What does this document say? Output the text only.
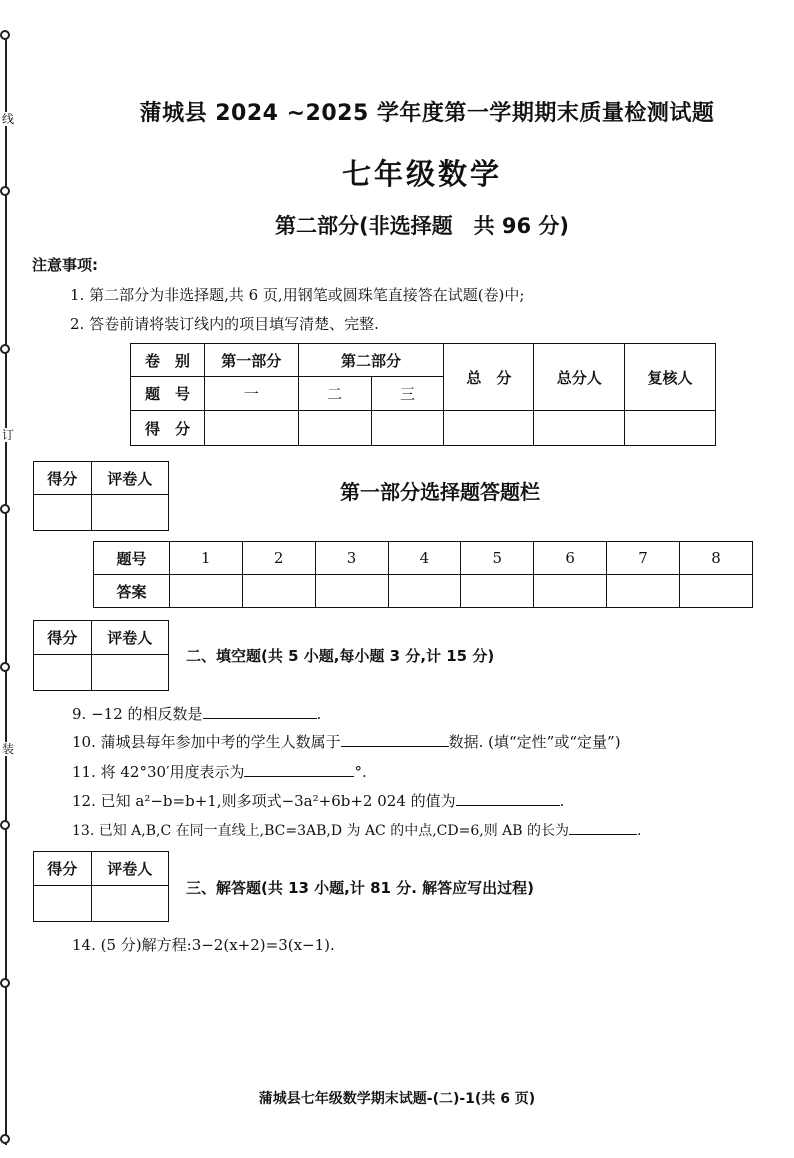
线
订
装
蒲城县 2024 ~2025 学年度第一学期期末质量检测试题
七年级数学
第二部分(非选择题　共 96 分)
注意事项:
1. 第二部分为非选择题,共 6 页,用钢笔或圆珠笔直接答在试题(卷)中;
2. 答卷前请将装订线内的项目填写清楚、完整.
卷　别	第一部分	第二部分		总　分	总分人	复核人
题　号	一	二	三			
得　分						
得分	评卷人

第一部分选择题答题栏
题号	1	2	3	4	5	6	7	8
答案								
得分	评卷人

二、填空题(共 5 小题,每小题 3 分,计 15 分)
9. −12 的相反数是	.
10. 蒲城县每年参加中考的学生人数属于	数据. (填“定性”或“定量”)
11. 将 42°30′用度表示为	°.
12. 已知 a²−b=b+1,则多项式−3a²+6b+2 024 的值为	.
13. 已知 A,B,C 在同一直线上,BC=3AB,D 为 AC 的中点,CD=6,则 AB 的长为	.
得分	评卷人

三、解答题(共 13 小题,计 81 分. 解答应写出过程)
14. (5 分)解方程:3−2(x+2)=3(x−1).
蒲城县七年级数学期末试题-(二)-1(共 6 页)
